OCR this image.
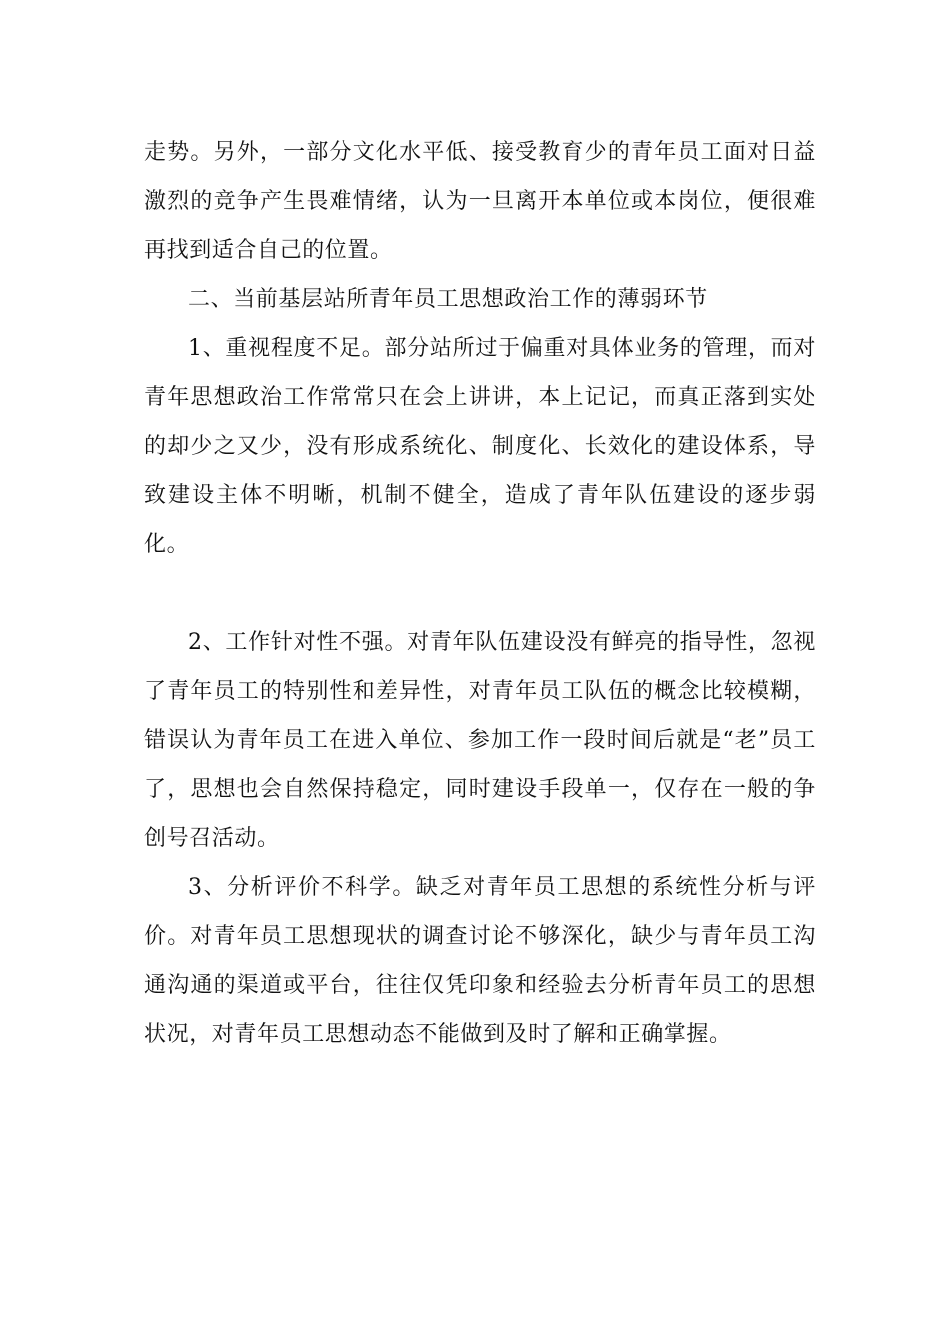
走势。另外，一部分文化水平低、接受教育少的青年员工面对日益激烈的竞争产生畏难情绪，认为一旦离开本单位或本岗位，便很难再找到适合自己的位置。

二、当前基层站所青年员工思想政治工作的薄弱环节

1、重视程度不足。部分站所过于偏重对具体业务的管理，而对青年思想政治工作常常只在会上讲讲，本上记记，而真正落到实处的却少之又少，没有形成系统化、制度化、长效化的建设体系，导致建设主体不明晰，机制不健全，造成了青年队伍建设的逐步弱化。

2、工作针对性不强。对青年队伍建设没有鲜亮的指导性，忽视了青年员工的特别性和差异性，对青年员工队伍的概念比较模糊，错误认为青年员工在进入单位、参加工作一段时间后就是“老”员工了，思想也会自然保持稳定，同时建设手段单一，仅存在一般的争创号召活动。

3、分析评价不科学。缺乏对青年员工思想的系统性分析与评价。对青年员工思想现状的调查讨论不够深化，缺少与青年员工沟通沟通的渠道或平台，往往仅凭印象和经验去分析青年员工的思想状况，对青年员工思想动态不能做到及时了解和正确掌握。
